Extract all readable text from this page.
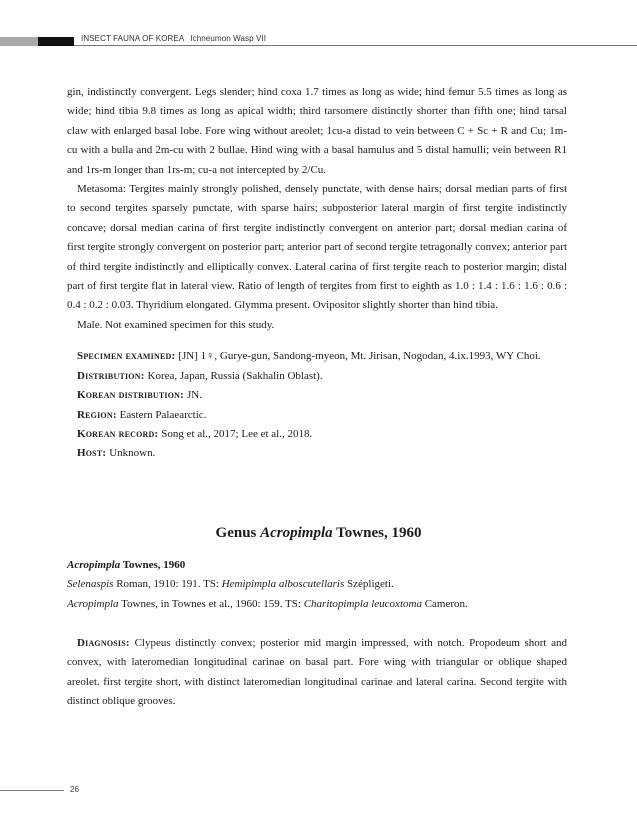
INSECT FAUNA OF KOREA Ichneumon Wasp VII

gin, indistinctly convergent. Legs slender; hind coxa 1.7 times as long as wide; hind femur 5.5 times as long as wide; hind tibia 9.8 times as long as apical width; third tarsomere distinctly shorter than fifth one; hind tarsal claw with enlarged basal lobe. Fore wing without areolet; 1cu-a distad to vein between C + Sc + R and Cu; 1m-cu with a bulla and 2m-cu with 2 bullae. Hind wing with a basal hamulus and 5 distal hamulli; vein between R1 and 1rs-m longer than 1rs-m; cu-a not intercepted by 2/Cu.

Metasoma: Tergites mainly strongly polished, densely punctate, with dense hairs; dorsal median parts of first to second tergites sparsely punctate, with sparse hairs; subposterior lateral margin of first tergite indistinctly concave; dorsal median carina of first tergite indistinctly convergent on anterior part; dorsal median carina of first tergite strongly convergent on posterior part; anterior part of second tergite tetragonally convex; anterior part of third tergite indistinctly and elliptically convex. Lateral carina of first tergite reach to posterior margin; distal part of first tergite flat in lateral view. Ratio of length of tergites from first to eighth as 1.0 : 1.4 : 1.6 : 1.6 : 0.6 : 0.4 : 0.2 : 0.03. Thyridium elongated. Glymma present. Ovipositor slightly shorter than hind tibia.

Male. Not examined specimen for this study.

Specimen examined: [JN] 1♀, Gurye-gun, Sandong-myeon, Mt. Jirisan, Nogodan, 4.ix.1993, WY Choi.

Distribution: Korea, Japan, Russia (Sakhalin Oblast).

Korean distribution: JN.

Region: Eastern Palaearctic.

Korean record: Song et al., 2017; Lee et al., 2018.

Host: Unknown.

Genus Acropimpla Townes, 1960

Acropimpla Townes, 1960

Selenaspis Roman, 1910: 191. TS: Hemipimpla alboscutellaris Szépligeti.

Acropimpla Townes, in Townes et al., 1960: 159. TS: Charitopimpla leucoxtoma Cameron.

Diagnosis: Clypeus distinctly convex; posterior mid margin impressed, with notch. Propodeum short and convex, with lateromedian longitudinal carinae on basal part. Fore wing with triangular or oblique shaped areolet. first tergite short, with distinct lateromedian longitudinal carinae and lateral carina. Second tergite with distinct oblique grooves.

26
